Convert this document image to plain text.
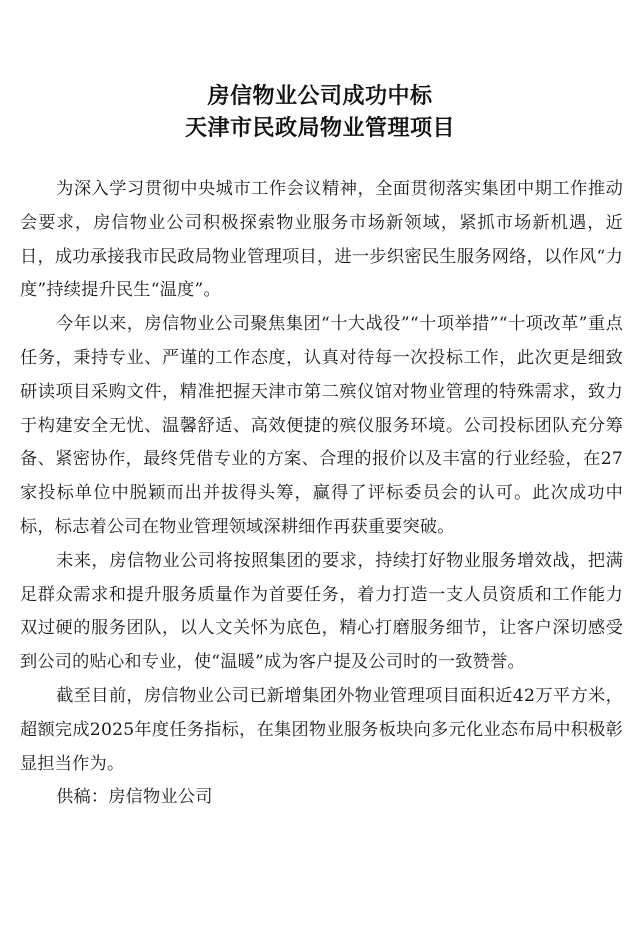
房信物业公司成功中标
天津市民政局物业管理项目

为深入学习贯彻中央城市工作会议精神，全面贯彻落实集团中期工作推动会要求，房信物业公司积极探索物业服务市场新领域，紧抓市场新机遇，近日，成功承接我市民政局物业管理项目，进一步织密民生服务网络，以作风“力度”持续提升民生“温度”。

今年以来，房信物业公司聚焦集团“十大战役”“十项举措”“十项改革”重点任务，秉持专业、严谨的工作态度，认真对待每一次投标工作，此次更是细致研读项目采购文件，精准把握天津市第二殡仪馆对物业管理的特殊需求，致力于构建安全无忧、温馨舒适、高效便捷的殡仪服务环境。公司投标团队充分筹备、紧密协作，最终凭借专业的方案、合理的报价以及丰富的行业经验，在27家投标单位中脱颖而出并拔得头筹，赢得了评标委员会的认可。此次成功中标，标志着公司在物业管理领域深耕细作再获重要突破。

未来，房信物业公司将按照集团的要求，持续打好物业服务增效战，把满足群众需求和提升服务质量作为首要任务，着力打造一支人员资质和工作能力双过硬的服务团队，以人文关怀为底色，精心打磨服务细节，让客户深切感受到公司的贴心和专业，使“温暖”成为客户提及公司时的一致赞誉。

截至目前，房信物业公司已新增集团外物业管理项目面积近42万平方米，超额完成2025年度任务指标，在集团物业服务板块向多元化业态布局中积极彰显担当作为。

供稿：房信物业公司
